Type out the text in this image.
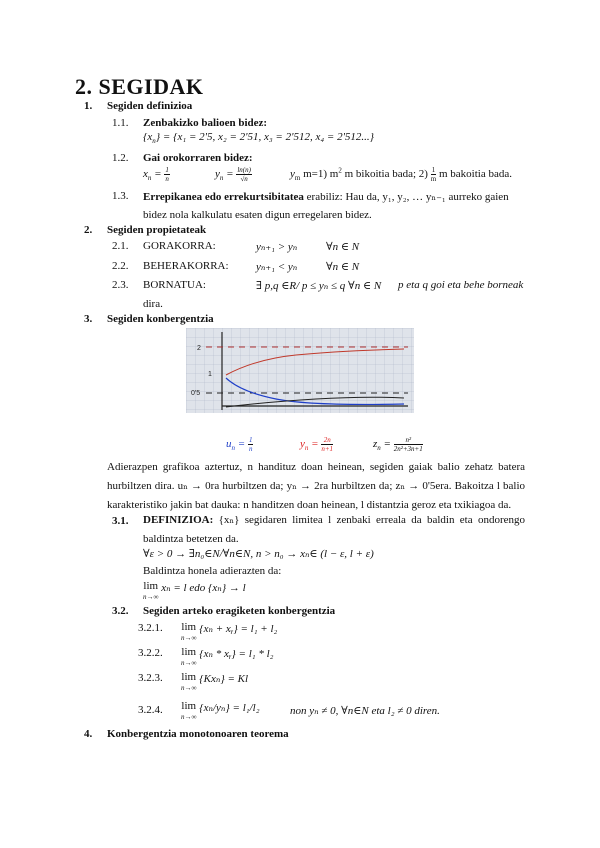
2. SEGIDAK
1. Segiden definizioa
1.1. Zenbakizko balioen bidez:
$\{x_n\} = \{x_1 = 2'5$, x₂ = 2'51, x₃ = 2'512, x₄ = 2'512...}
1.2. Gai orokorraren bidez:
$x_n = \frac{1}{n}$	$y_n = \frac{\ln(n)}{√n}$	$y_m$ m=1) $m^2$ m bikoitia bada; $2) \frac{1}{m}$ m bakoitia bada.
1.3. Errepikanea edo errekurtsibitatea erabiliz: Hau da, y₁, y₂, … yₙ₋₁ aurreko gaien
bidez nola kalkulatu esaten digun erregelaren bidez.
2. Segiden propietateak
2.1. GORAKORRA:	yₙ₊₁ > yₙ	∀n ∈ N
2.2. BEHERAKORRA: yₙ₊₁ < yₙ	∀n ∈ N
2.3. BORNATUA:	∃ p,q ∈R/ p ≤ yₙ ≤ q ∀n ∈ N p eta q goi eta behe borneak
dira.
3. Segiden konbergentzia
2
1
0'5
$u_n = \frac{1}{n}$	$y_n = \frac{2n}{n+1}$	$z_n = \frac{\text{n²}}{\text{2n²+3n+1}}$
Adierazpen grafikoa aztertuz, n handituz doan heinean, segiden gaiak balio zehatz batera hurbiltzen dira. uₙ → 0ra hurbiltzen da; yₙ → 2ra hurbiltzen da; zₙ → 0'5era. Bakoitza l balio karakteristiko jakin bat dauka: n handitzen doan heinean, l distantzia geroz eta txikiagoa da.
3.1. DEFINIZIOA: {xₙ} segidaren limitea l zenbaki erreala da baldin eta ondorengo baldintza betetzen da.
∀ε > 0 → ∃n₀∈N/∀n∈N, n > n₀ → xₙ∈ (l − ε, l + ε)
Baldintza honela adierazten da:
lim
n→∞
xₙ = l edo {xₙ} → l
3.2. Segiden arteko eragiketen konbergentzia
3.2.1. lim
n→∞
{xₙ + xᵧ} = l₁ + l₂
3.2.2. lim
n→∞
{xₙ * xᵧ} = l₁ * l₂
3.2.3. lim
n→∞
{Kxₙ} = Kl
3.2.4. lim
n→∞
{xₙ/yₙ} = l₁/l₂	non yₙ ≠ 0, ∀n∈N eta l₂ ≠ 0 diren.
4. Konbergentzia monotonoaren teorema
